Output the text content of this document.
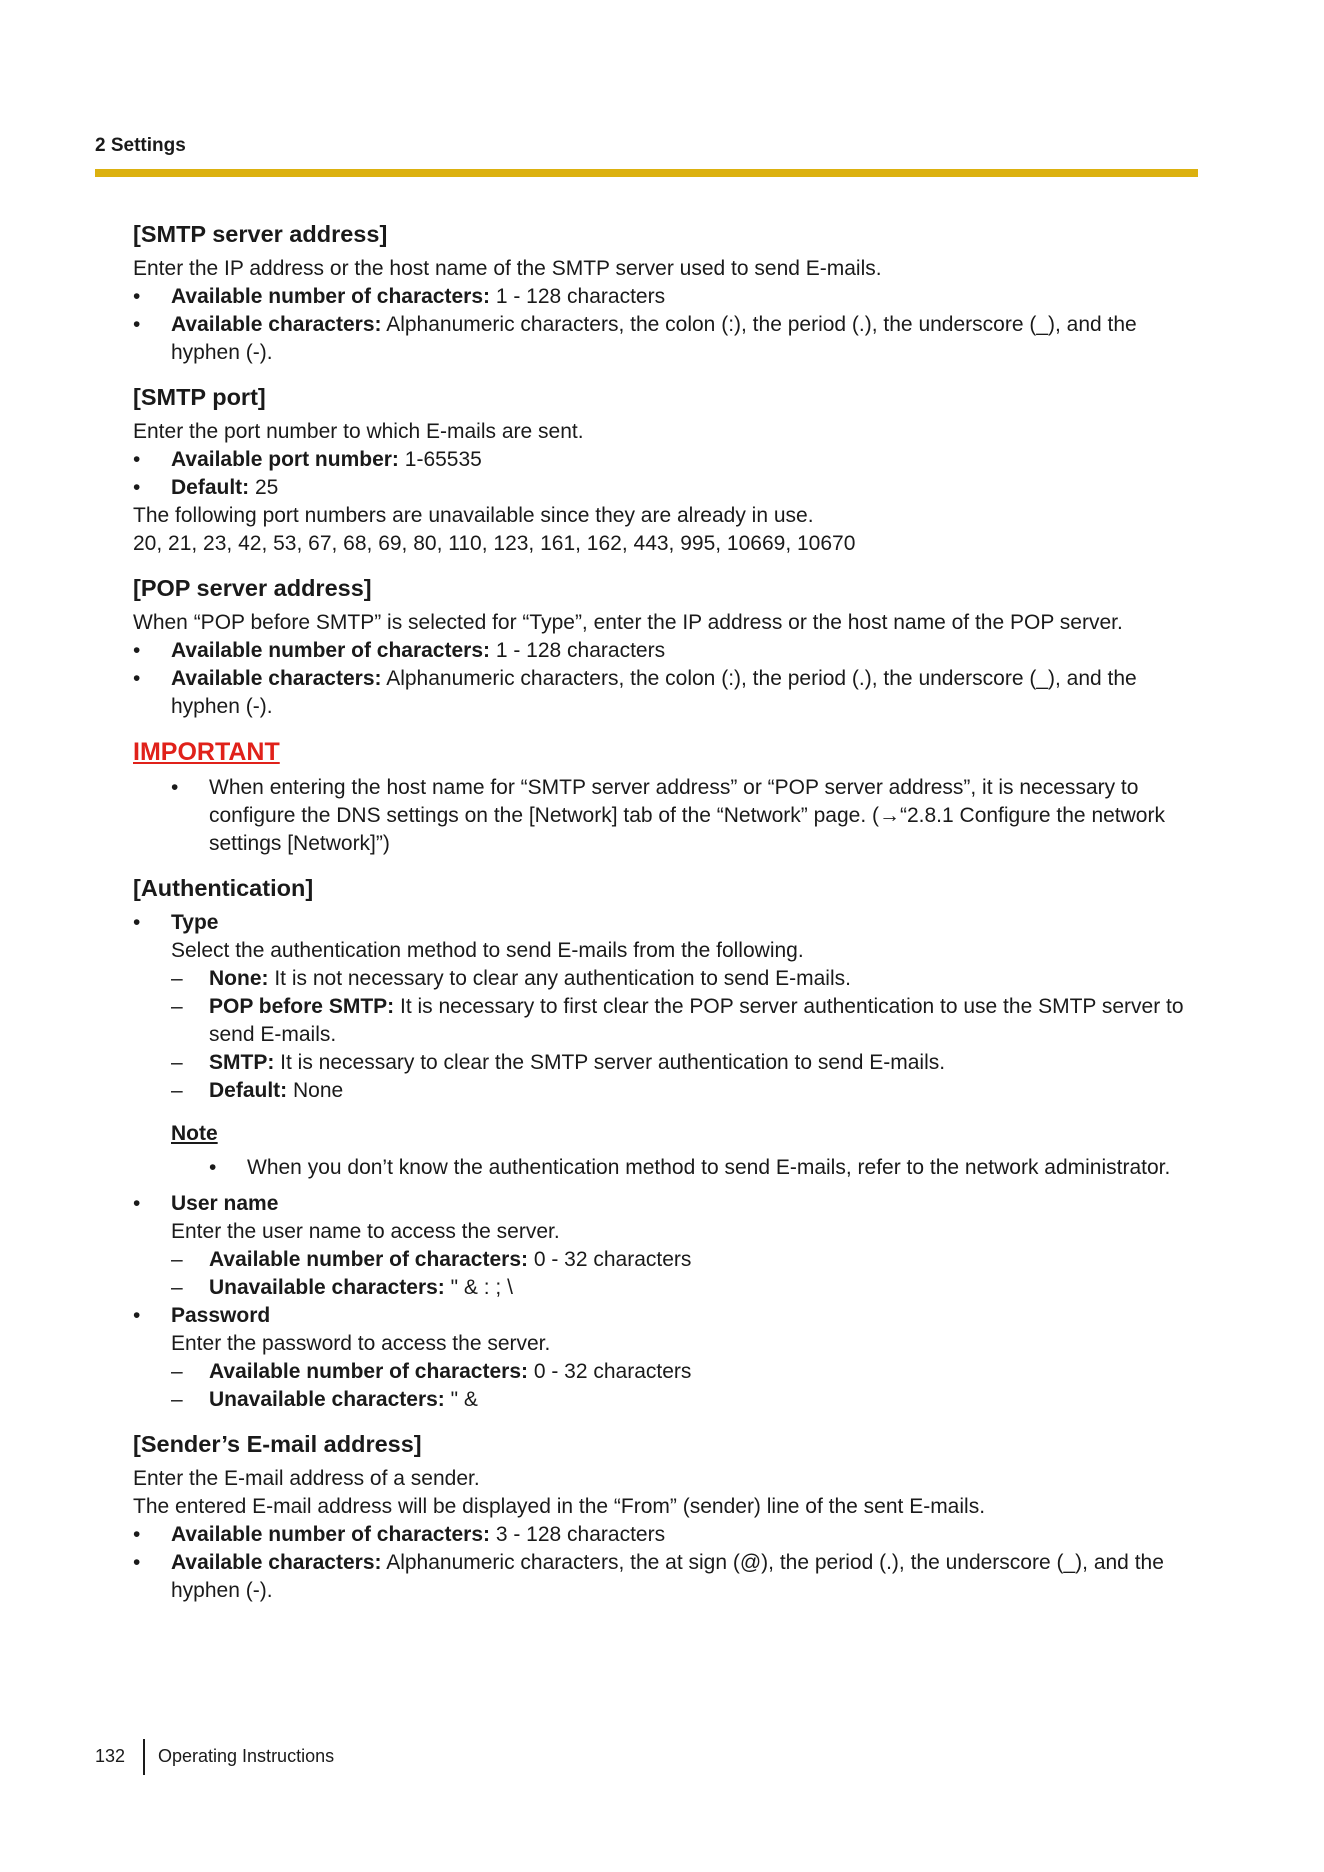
2 Settings
[SMTP server address]

Enter the IP address or the host name of the SMTP server used to send E-mails.

• Available number of characters: 1 - 128 characters
• Available characters: Alphanumeric characters, the colon (:), the period (.), the underscore (_), and the hyphen (-).
[SMTP port]

Enter the port number to which E-mails are sent.

• Available port number: 1-65535
• Default: 25

The following port numbers are unavailable since they are already in use.

20, 21, 23, 42, 53, 67, 68, 69, 80, 110, 123, 161, 162, 443, 995, 10669, 10670

[POP server address]

When “POP before SMTP” is selected for “Type”, enter the IP address or the host name of the POP server.

• Available number of characters: 1 - 128 characters
• Available characters: Alphanumeric characters, the colon (:), the period (.), the underscore (_), and the hyphen (-).
IMPORTANT
• When entering the host name for “SMTP server address” or “POP server address”, it is necessary to configure the DNS settings on the [Network] tab of the “Network” page. (→“2.8.1 Configure the network settings [Network]”)
[Authentication]
• Type
Select the authentication method to send E-mails from the following.
– None: It is not necessary to clear any authentication to send E-mails.
– POP before SMTP: It is necessary to first clear the POP server authentication to use the SMTP server to send E-mails.
– SMTP: It is necessary to clear the SMTP server authentication to send E-mails.
– Default: None
Note
• When you don’t know the authentication method to send E-mails, refer to the network administrator.
• User name
Enter the user name to access the server.
– Available number of characters: 0 - 32 characters
– Unavailable characters: " & : ; \
• Password
Enter the password to access the server.
– Available number of characters: 0 - 32 characters
– Unavailable characters: " &
[Sender’s E-mail address]

Enter the E-mail address of a sender.

The entered E-mail address will be displayed in the “From” (sender) line of the sent E-mails.

• Available number of characters: 3 - 128 characters
• Available characters: Alphanumeric characters, the at sign (@), the period (.), the underscore (_), and the hyphen (-).
132 Operating Instructions
